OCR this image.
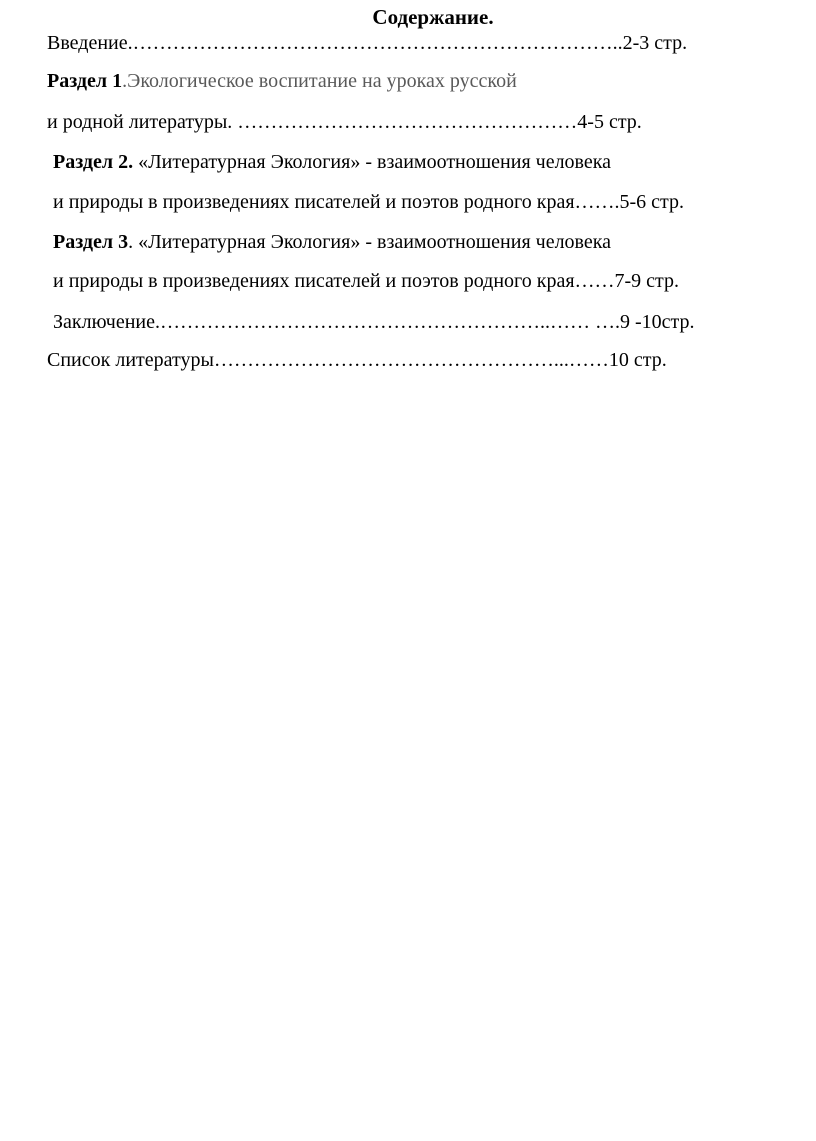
Содержание.
Введение.………………………………………………………………..2-3 стр.
Раздел 1.Экологическое воспитание на уроках русской
и родной литературы. ……………………………………………4-5 стр.
Раздел 2. «Литературная Экология» - взаимоотношения человека
и природы в произведениях писателей и поэтов родного края…….5-6 стр.
Раздел 3. «Литературная Экология» - взаимоотношения человека
и природы в произведениях писателей и поэтов родного края……7-9 стр.
Заключение.…………………………………………………..…… ….9 -10стр.
Список литературы……………………………………………...……10 стр.
